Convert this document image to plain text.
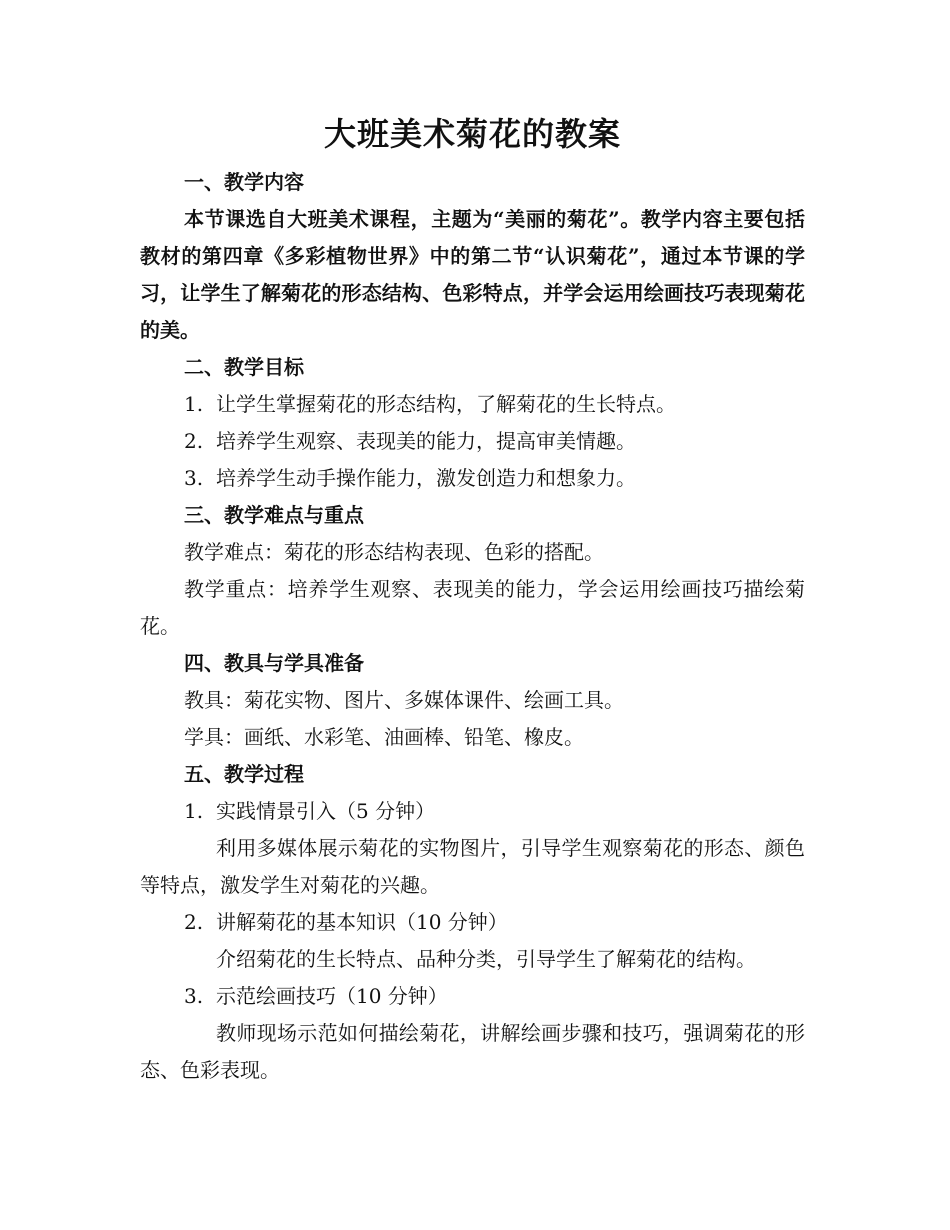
大班美术菊花的教案

一、教学内容

本节课选自大班美术课程，主题为“美丽的菊花”。教学内容主要包括教材的第四章《多彩植物世界》中的第二节“认识菊花”，通过本节课的学习，让学生了解菊花的形态结构、色彩特点，并学会运用绘画技巧表现菊花的美。

二、教学目标

1. 让学生掌握菊花的形态结构，了解菊花的生长特点。

2. 培养学生观察、表现美的能力，提高审美情趣。

3. 培养学生动手操作能力，激发创造力和想象力。

三、教学难点与重点

教学难点：菊花的形态结构表现、色彩的搭配。

教学重点：培养学生观察、表现美的能力，学会运用绘画技巧描绘菊花。

四、教具与学具准备

教具：菊花实物、图片、多媒体课件、绘画工具。

学具：画纸、水彩笔、油画棒、铅笔、橡皮。

五、教学过程

1. 实践情景引入（5 分钟）

利用多媒体展示菊花的实物图片，引导学生观察菊花的形态、颜色等特点，激发学生对菊花的兴趣。

2. 讲解菊花的基本知识（10 分钟）

介绍菊花的生长特点、品种分类，引导学生了解菊花的结构。

3. 示范绘画技巧（10 分钟）

教师现场示范如何描绘菊花，讲解绘画步骤和技巧，强调菊花的形态、色彩表现。
